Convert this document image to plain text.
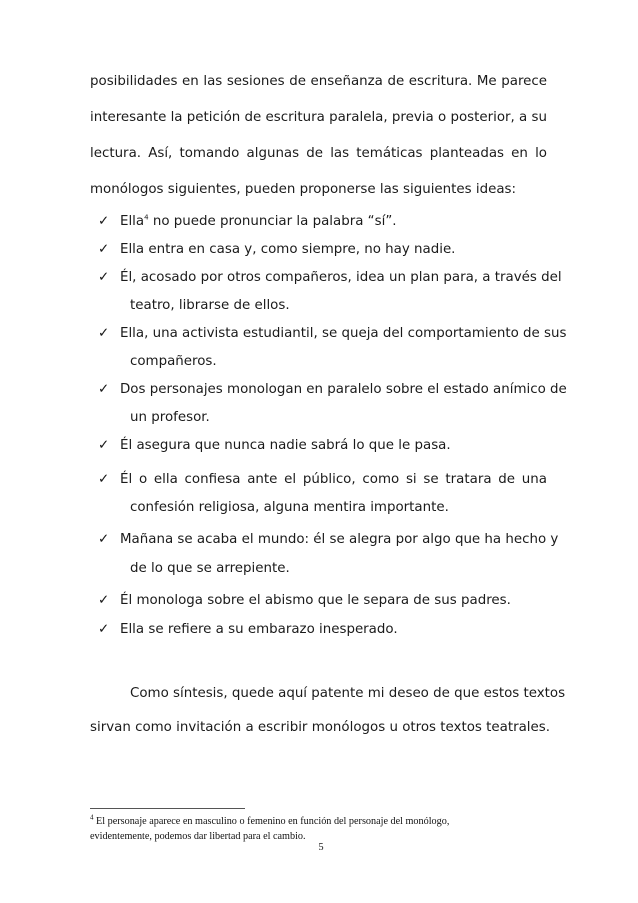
posibilidades en las sesiones de enseñanza de escritura. Me parece
interesante la petición de escritura paralela, previa o posterior, a su
lectura. Así, tomando algunas de las temáticas planteadas en lo
monólogos siguientes, pueden proponerse las siguientes ideas:
✓ Ella$^4$ no puede pronunciar la palabra “sí”.
✓ Ella entra en casa y, como siempre, no hay nadie.
✓ Él, acosado por otros compañeros, idea un plan para, a través del
teatro, librarse de ellos.
✓ Ella, una activista estudiantil, se queja del comportamiento de sus
compañeros.
✓ Dos personajes monologan en paralelo sobre el estado anímico de
un profesor.
✓ Él asegura que nunca nadie sabrá lo que le pasa.
✓ Él o ella confiesa ante el público, como si se tratara de una
confesión religiosa, alguna mentira importante.
✓ Mañana se acaba el mundo: él se alegra por algo que ha hecho y
de lo que se arrepiente.
✓ Él monologa sobre el abismo que le separa de sus padres.
✓ Ella se refiere a su embarazo inesperado.
Como síntesis, quede aquí patente mi deseo de que estos textos
sirvan como invitación a escribir monólogos u otros textos teatrales.
$^4$ El personaje aparece en masculino o femenino en función del personaje del monólogo,
evidentemente, podemos dar libertad para el cambio.
5
